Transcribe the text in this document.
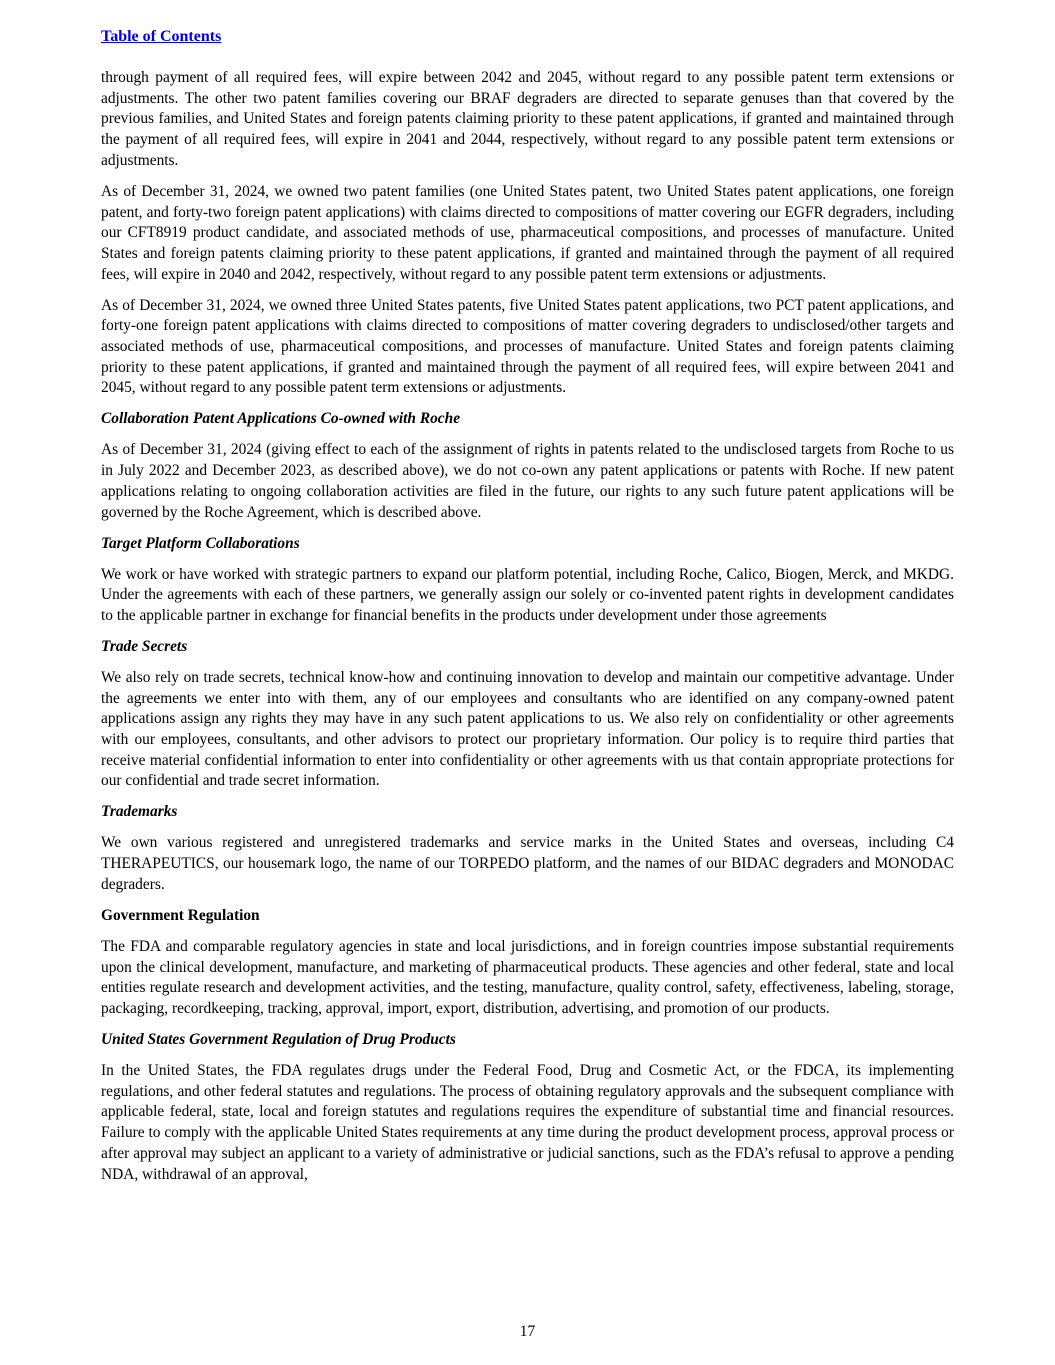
Table of Contents

through payment of all required fees, will expire between 2042 and 2045, without regard to any possible patent term extensions or adjustments. The other two patent families covering our BRAF degraders are directed to separate genuses than that covered by the previous families, and United States and foreign patents claiming priority to these patent applications, if granted and maintained through the payment of all required fees, will expire in 2041 and 2044, respectively, without regard to any possible patent term extensions or adjustments.

As of December 31, 2024, we owned two patent families (one United States patent, two United States patent applications, one foreign patent, and forty-two foreign patent applications) with claims directed to compositions of matter covering our EGFR degraders, including our CFT8919 product candidate, and associated methods of use, pharmaceutical compositions, and processes of manufacture. United States and foreign patents claiming priority to these patent applications, if granted and maintained through the payment of all required fees, will expire in 2040 and 2042, respectively, without regard to any possible patent term extensions or adjustments.

As of December 31, 2024, we owned three United States patents, five United States patent applications, two PCT patent applications, and forty-one foreign patent applications with claims directed to compositions of matter covering degraders to undisclosed/other targets and associated methods of use, pharmaceutical compositions, and processes of manufacture. United States and foreign patents claiming priority to these patent applications, if granted and maintained through the payment of all required fees, will expire between 2041 and 2045, without regard to any possible patent term extensions or adjustments.

Collaboration Patent Applications Co-owned with Roche

As of December 31, 2024 (giving effect to each of the assignment of rights in patents related to the undisclosed targets from Roche to us in July 2022 and December 2023, as described above), we do not co-own any patent applications or patents with Roche. If new patent applications relating to ongoing collaboration activities are filed in the future, our rights to any such future patent applications will be governed by the Roche Agreement, which is described above.

Target Platform Collaborations

We work or have worked with strategic partners to expand our platform potential, including Roche, Calico, Biogen, Merck, and MKDG. Under the agreements with each of these partners, we generally assign our solely or co-invented patent rights in development candidates to the applicable partner in exchange for financial benefits in the products under development under those agreements

Trade Secrets

We also rely on trade secrets, technical know-how and continuing innovation to develop and maintain our competitive advantage. Under the agreements we enter into with them, any of our employees and consultants who are identified on any company-owned patent applications assign any rights they may have in any such patent applications to us. We also rely on confidentiality or other agreements with our employees, consultants, and other advisors to protect our proprietary information. Our policy is to require third parties that receive material confidential information to enter into confidentiality or other agreements with us that contain appropriate protections for our confidential and trade secret information.

Trademarks

We own various registered and unregistered trademarks and service marks in the United States and overseas, including C4 THERAPEUTICS, our housemark logo, the name of our TORPEDO platform, and the names of our BIDAC degraders and MONODAC degraders.

Government Regulation

The FDA and comparable regulatory agencies in state and local jurisdictions, and in foreign countries impose substantial requirements upon the clinical development, manufacture, and marketing of pharmaceutical products. These agencies and other federal, state and local entities regulate research and development activities, and the testing, manufacture, quality control, safety, effectiveness, labeling, storage, packaging, recordkeeping, tracking, approval, import, export, distribution, advertising, and promotion of our products.

United States Government Regulation of Drug Products

In the United States, the FDA regulates drugs under the Federal Food, Drug and Cosmetic Act, or the FDCA, its implementing regulations, and other federal statutes and regulations. The process of obtaining regulatory approvals and the subsequent compliance with applicable federal, state, local and foreign statutes and regulations requires the expenditure of substantial time and financial resources. Failure to comply with the applicable United States requirements at any time during the product development process, approval process or after approval may subject an applicant to a variety of administrative or judicial sanctions, such as the FDA’s refusal to approve a pending NDA, withdrawal of an approval,

17
